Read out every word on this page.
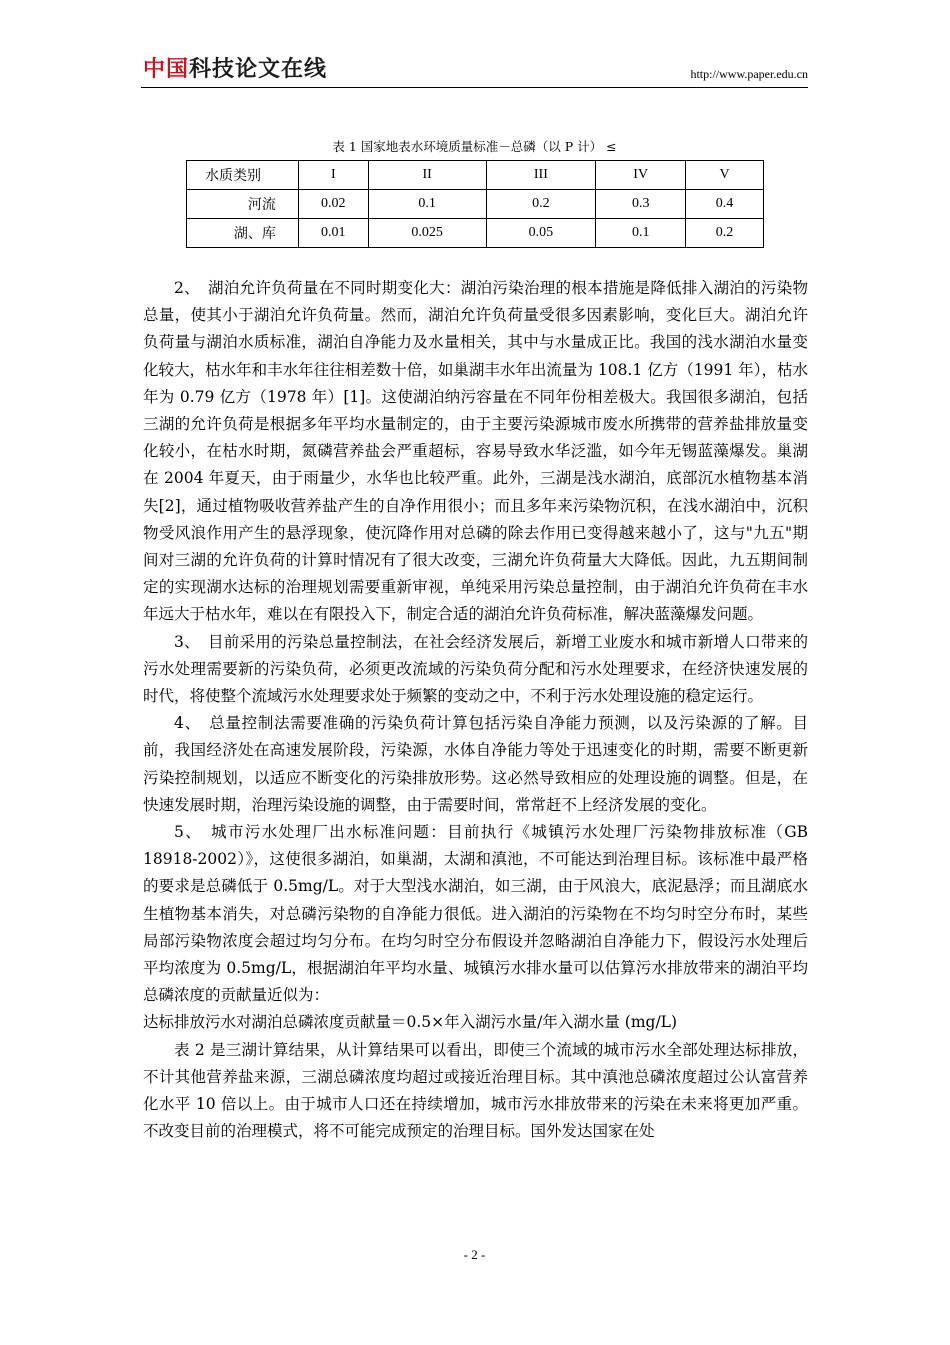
中国科技论文在线	http://www.paper.edu.cn
表 1 国家地表水环境质量标准－总磷（以 P 计） ≤
水质类别	I	II	III	IV	V
河流	0.02	0.1	0.2	0.3	0.4
湖、库	0.01	0.025	0.05	0.1	0.2

2、　湖泊允许负荷量在不同时期变化大：湖泊污染治理的根本措施是降低排入湖泊的污染物总量，使其小于湖泊允许负荷量。然而，湖泊允许负荷量受很多因素影响，变化巨大。湖泊允许负荷量与湖泊水质标准，湖泊自净能力及水量相关，其中与水量成正比。我国的浅水湖泊水量变化较大，枯水年和丰水年往往相差数十倍，如巢湖丰水年出流量为 108.1 亿方（1991 年），枯水年为 0.79 亿方（1978 年）[1]。这使湖泊纳污容量在不同年份相差极大。我国很多湖泊，包括三湖的允许负荷是根据多年平均水量制定的，由于主要污染源城市废水所携带的营养盐排放量变化较小，在枯水时期，氮磷营养盐会严重超标，容易导致水华泛滥，如今年无锡蓝藻爆发。巢湖在 2004 年夏天，由于雨量少，水华也比较严重。此外，三湖是浅水湖泊，底部沉水植物基本消失[2]，通过植物吸收营养盐产生的自净作用很小；而且多年来污染物沉积，在浅水湖泊中，沉积物受风浪作用产生的悬浮现象，使沉降作用对总磷的除去作用已变得越来越小了，这与"九五"期间对三湖的允许负荷的计算时情况有了很大改变，三湖允许负荷量大大降低。因此，九五期间制定的实现湖水达标的治理规划需要重新审视，单纯采用污染总量控制，由于湖泊允许负荷在丰水年远大于枯水年，难以在有限投入下，制定合适的湖泊允许负荷标准，解决蓝藻爆发问题。

3、　目前采用的污染总量控制法，在社会经济发展后，新增工业废水和城市新增人口带来的污水处理需要新的污染负荷，必须更改流域的污染负荷分配和污水处理要求，在经济快速发展的时代，将使整个流域污水处理要求处于频繁的变动之中，不利于污水处理设施的稳定运行。

4、　总量控制法需要准确的污染负荷计算包括污染自净能力预测，以及污染源的了解。目前，我国经济处在高速发展阶段，污染源，水体自净能力等处于迅速变化的时期，需要不断更新污染控制规划，以适应不断变化的污染排放形势。这必然导致相应的处理设施的调整。但是，在快速发展时期，治理污染设施的调整，由于需要时间，常常赶不上经济发展的变化。

5、　城市污水处理厂出水标准问题：目前执行《城镇污水处理厂污染物排放标准（GB 18918-2002）》，这使很多湖泊，如巢湖，太湖和滇池，不可能达到治理目标。该标准中最严格的要求是总磷低于 0.5mg/L。对于大型浅水湖泊，如三湖，由于风浪大，底泥悬浮；而且湖底水生植物基本消失，对总磷污染物的自净能力很低。进入湖泊的污染物在不均匀时空分布时，某些局部污染物浓度会超过均匀分布。在均匀时空分布假设并忽略湖泊自净能力下，假设污水处理后平均浓度为 0.5mg/L，根据湖泊年平均水量、城镇污水排水量可以估算污水排放带来的湖泊平均总磷浓度的贡献量近似为：

达标排放污水对湖泊总磷浓度贡献量＝0.5×年入湖污水量/年入湖水量 (mg/L)

表 2 是三湖计算结果，从计算结果可以看出，即使三个流域的城市污水全部处理达标排放，不计其他营养盐来源，三湖总磷浓度均超过或接近治理目标。其中滇池总磷浓度超过公认富营养化水平 10 倍以上。由于城市人口还在持续增加，城市污水排放带来的污染在未来将更加严重。不改变目前的治理模式，将不可能完成预定的治理目标。国外发达国家在处

- 2 -
